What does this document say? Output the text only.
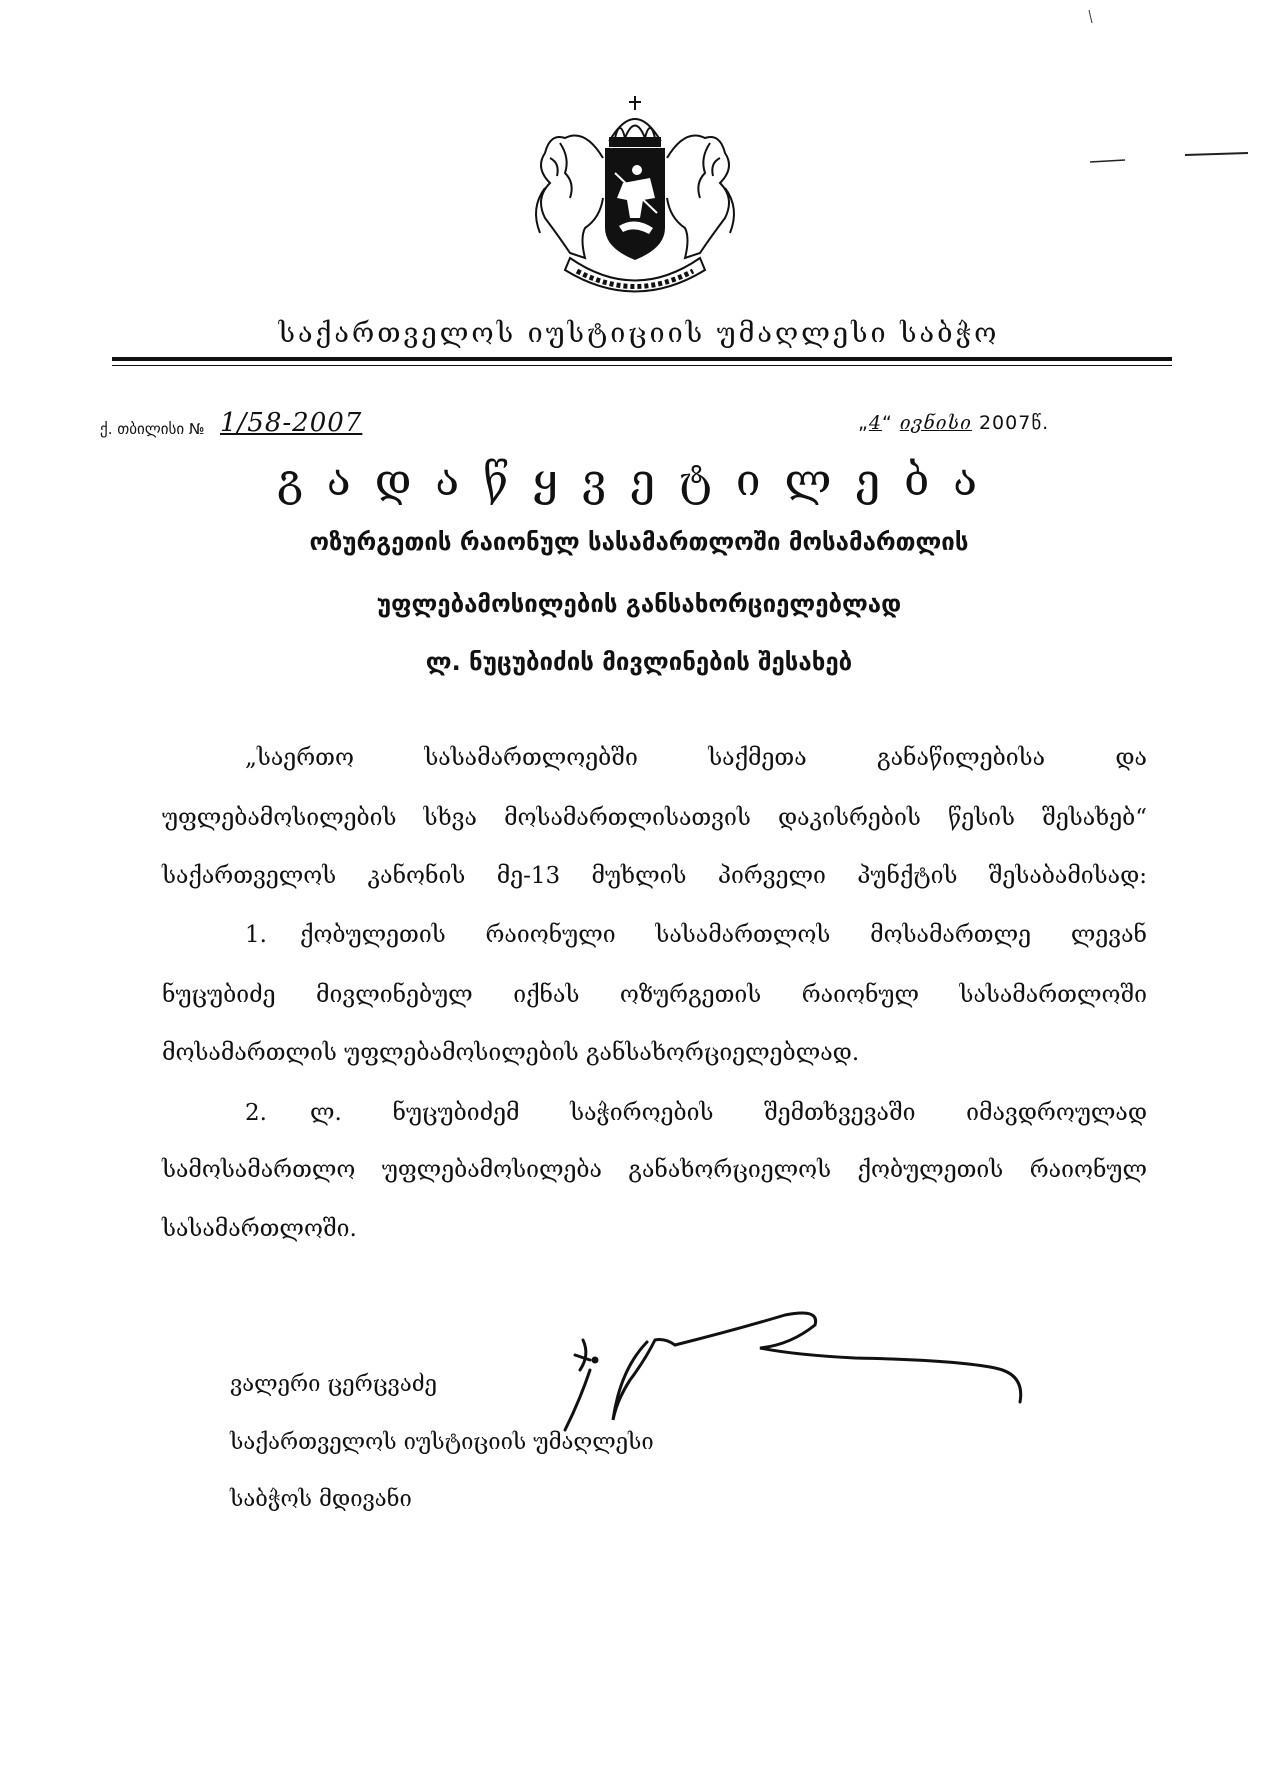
საქართველოს იუსტიციის უმაღლესი საბჭო
ქ. თბილისი № 1/58-2007	„4“ ივნისი 2007წ.
გადაწყვეტილება
ოზურგეთის რაიონულ სასამართლოში მოსამართლის
უფლებამოსილების განსახორციელებლად
ლ. ნუცუბიძის მივლინების შესახებ
„საერთო სასამართლოებში საქმეთა განაწილებისა და
უფლებამოსილების სხვა მოსამართლისათვის დაკისრების წესის შესახებ“
საქართველოს კანონის მე-13 მუხლის პირველი პუნქტის შესაბამისად:
1.	ქობულეთის რაიონული სასამართლოს მოსამართლე ლევან
ნუცუბიძე მივლინებულ იქნას ოზურგეთის რაიონულ სასამართლოში
მოსამართლის უფლებამოსილების განსახორციელებლად.
2.	ლ. ნუცუბიძემ საჭიროების შემთხვევაში იმავდროულად
სამოსამართლო უფლებამოსილება განახორციელოს ქობულეთის რაიონულ
სასამართლოში.
ვალერი ცერცვაძე
საქართველოს იუსტიციის უმაღლესი
საბჭოს მდივანი
